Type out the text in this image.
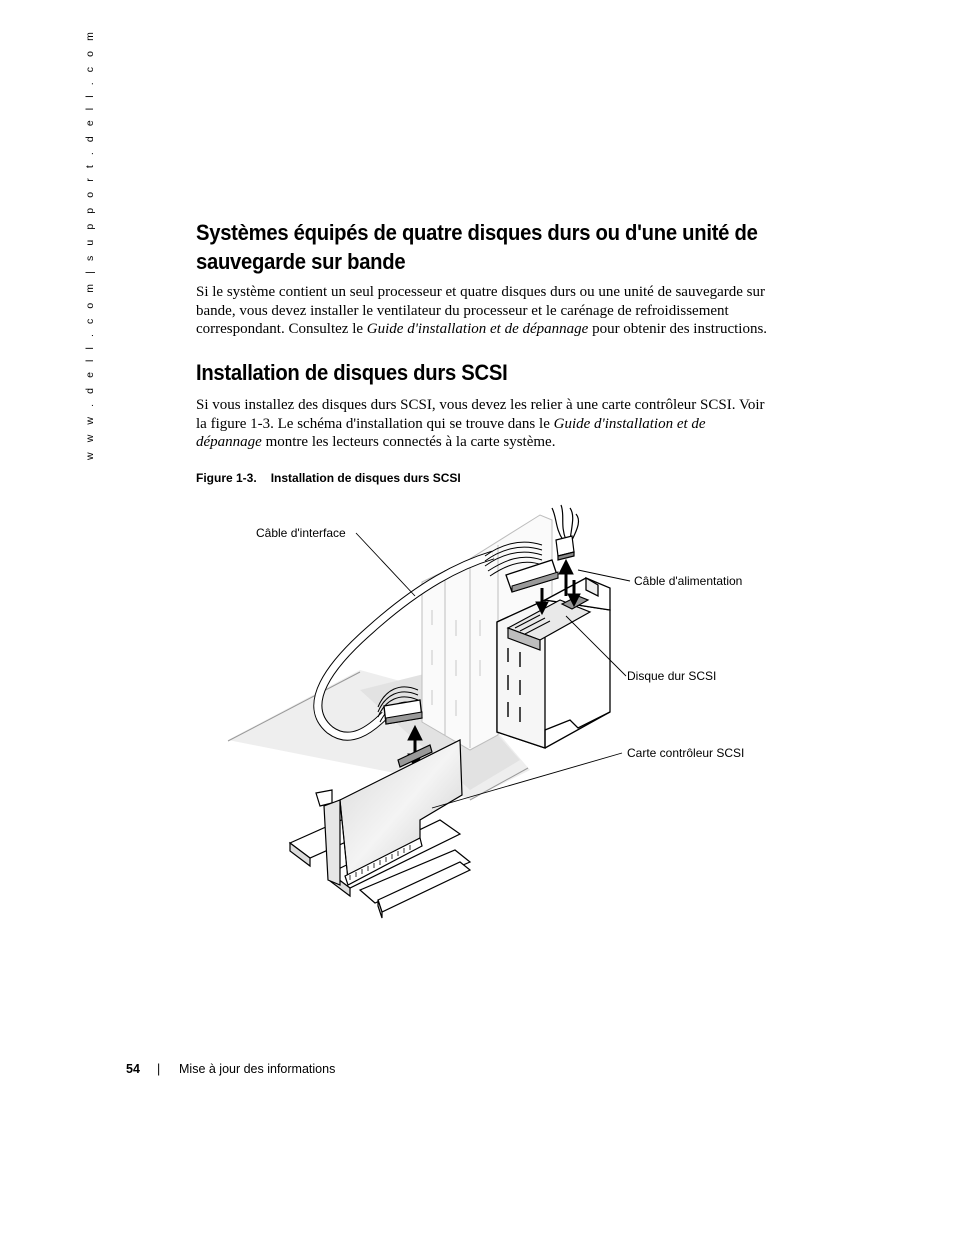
w w w . d e l l . c o m | s u p p o r t . d e l l . c o m	Systèmes équipés de quatre disques durs ou d'une unité de sauvegarde sur bande
Si le système contient un seul processeur et quatre disques durs ou une unité de sauvegarde sur bande, vous devez installer le ventilateur du processeur et le carénage de refroidissement correspondant. Consultez le Guide d'installation et de dépannage pour obtenir des instructions.
Installation de disques durs SCSI
Si vous installez des disques durs SCSI, vous devez les relier à une carte contrôleur SCSI. Voir la figure 1-3. Le schéma d'installation qui se trouve dans le Guide d'installation et de dépannage montre les lecteurs connectés à la carte système.
Figure 1-3. Installation de disques durs SCSI
Câble d'interface
Câble d'alimentation
Disque dur SCSI
Carte contrôleur SCSI
54 | Mise à jour des informations
